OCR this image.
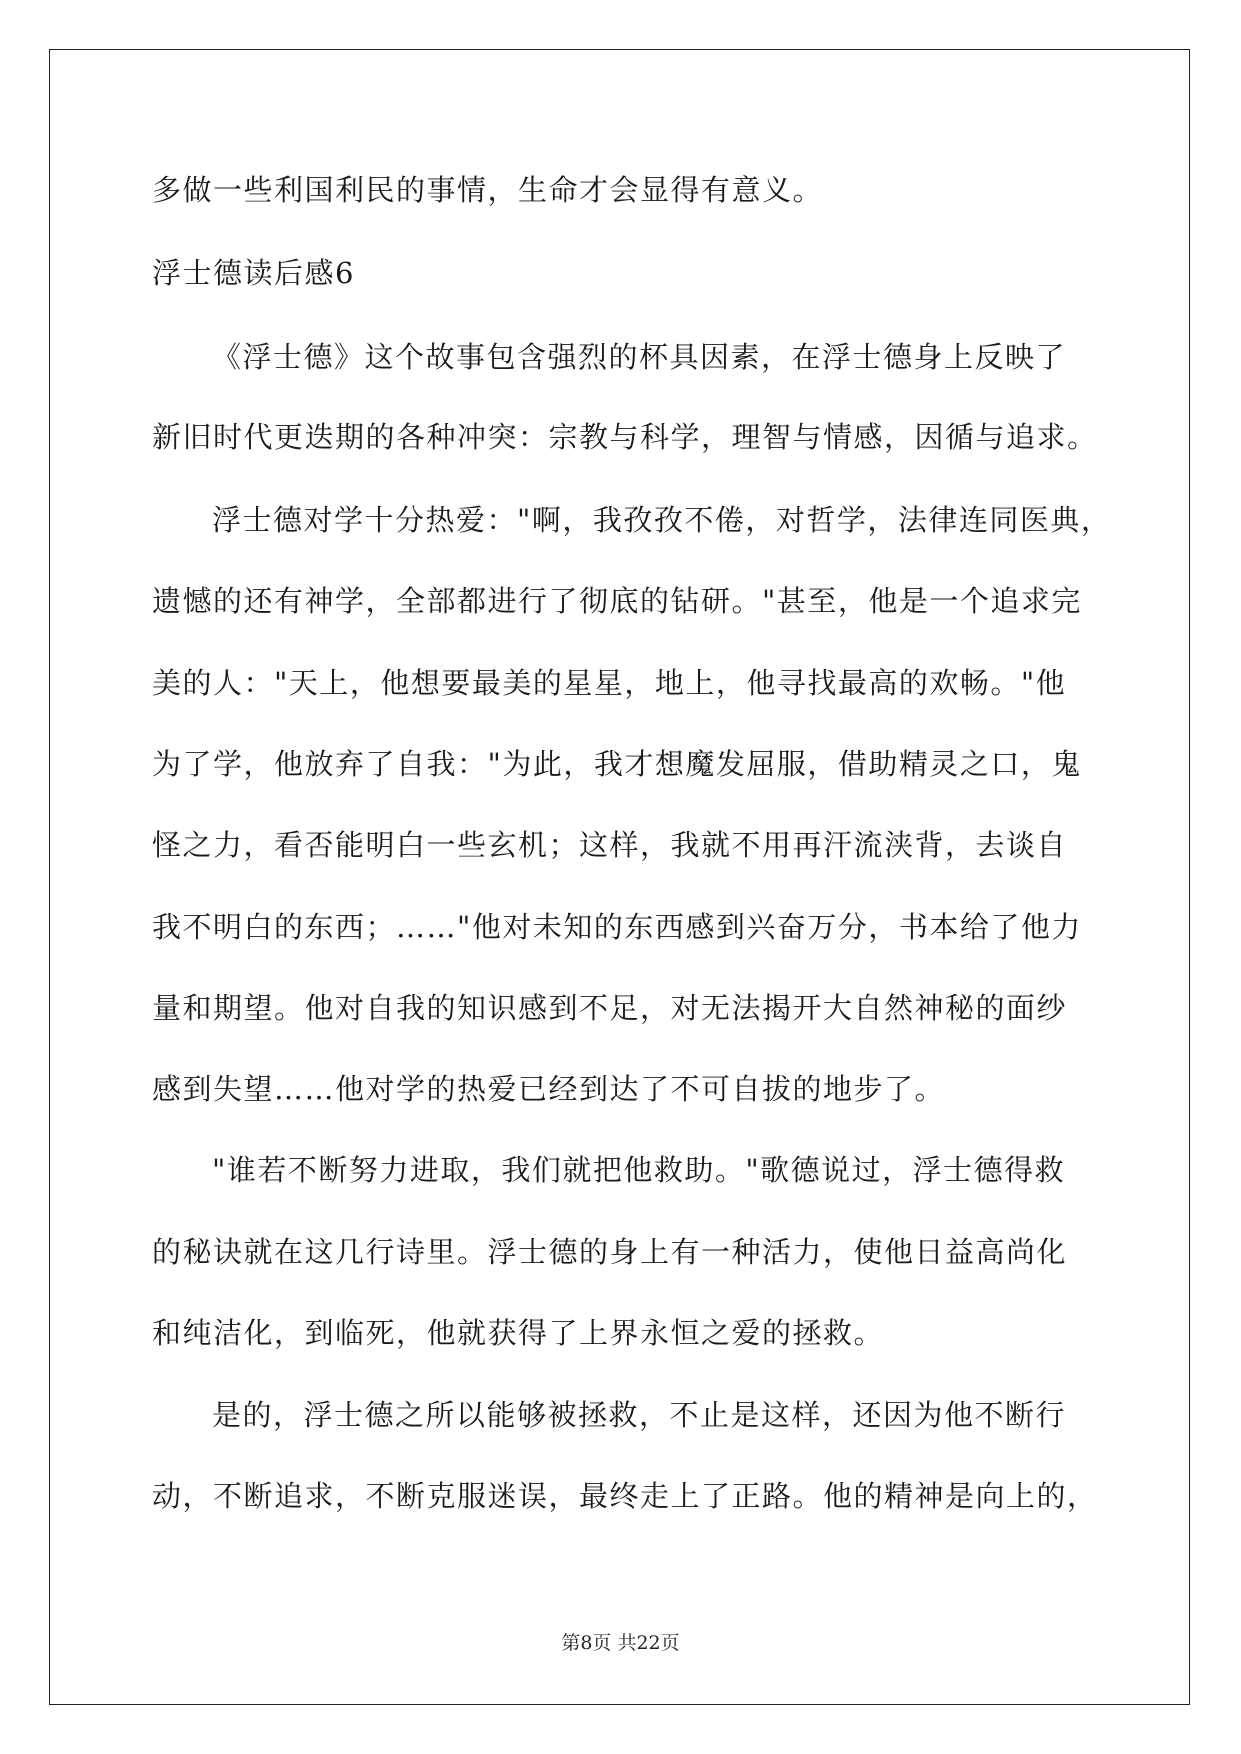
多做一些利国利民的事情，生命才会显得有意义。
浮士德读后感6
《浮士德》这个故事包含强烈的杯具因素，在浮士德身上反映了
新旧时代更迭期的各种冲突：宗教与科学，理智与情感，因循与追求。
浮士德对学十分热爱："啊，我孜孜不倦，对哲学，法律连同医典，
遗憾的还有神学，全部都进行了彻底的钻研。"甚至，他是一个追求完
美的人："天上，他想要最美的星星，地上，他寻找最高的欢畅。"他
为了学，他放弃了自我："为此，我才想魔发屈服，借助精灵之口，鬼
怪之力，看否能明白一些玄机；这样，我就不用再汗流浃背，去谈自
我不明白的东西；……"他对未知的东西感到兴奋万分，书本给了他力
量和期望。他对自我的知识感到不足，对无法揭开大自然神秘的面纱
感到失望……他对学的热爱已经到达了不可自拔的地步了。
"谁若不断努力进取，我们就把他救助。"歌德说过，浮士德得救
的秘诀就在这几行诗里。浮士德的身上有一种活力，使他日益高尚化
和纯洁化，到临死，他就获得了上界永恒之爱的拯救。
是的，浮士德之所以能够被拯救，不止是这样，还因为他不断行
动，不断追求，不断克服迷误，最终走上了正路。他的精神是向上的，
第8页 共22页
